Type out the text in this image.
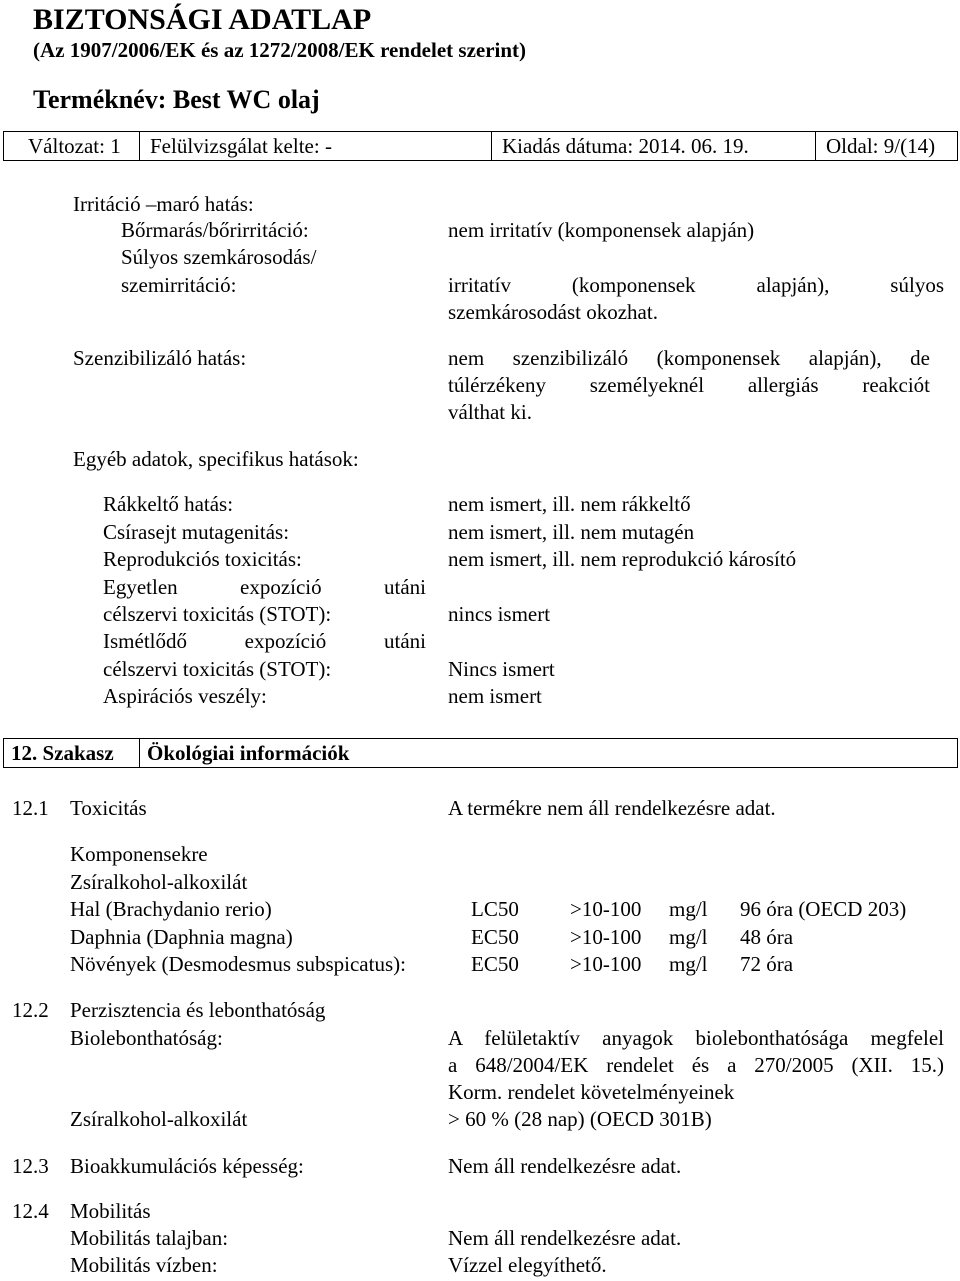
BIZTONSÁGI ADATLAP
(Az 1907/2006/EK és az 1272/2008/EK rendelet szerint)
Terméknév: Best WC olaj
Változat: 1	Felülvizsgálat kelte: -	Kiadás dátuma: 2014. 06. 19.	Oldal: 9/(14)
Irritáció –maró hatás:
Bőrmarás/bőrirritáció:	nem irritatív (komponensek alapján)
Súlyos szemkárosodás/
szemirritáció:	irritatív (komponensek alapján), súlyos
szemkárosodást okozhat.
Szenzibilizáló hatás:	nem szenzibilizáló (komponensek alapján), de
túlérzékeny személyeknél allergiás reakciót
válthat ki.
Egyéb adatok, specifikus hatások:
Rákkeltő hatás:	nem ismert, ill. nem rákkeltő
Csírasejt mutagenitás:	nem ismert, ill. nem mutagén
Reprodukciós toxicitás:	nem ismert, ill. nem reprodukció károsító
Egyetlen expozíció utáni
célszervi toxicitás (STOT):	nincs ismert
Ismétlődő expozíció utáni
célszervi toxicitás (STOT):	Nincs ismert
Aspirációs veszély:	nem ismert
12. Szakasz	Ökológiai információk
12.1 Toxicitás	A termékre nem áll rendelkezésre adat.
Komponensekre
Zsíralkohol-alkoxilát
Hal (Brachydanio rerio)	LC50 >10-100 mg/l 96 óra (OECD 203)
Daphnia (Daphnia magna)	EC50 >10-100 mg/l 48 óra
Növények (Desmodesmus subspicatus):	EC50 >10-100 mg/l 72 óra
12.2 Perzisztencia és lebonthatóság
Biolebonthatóság:	A felületaktív anyagok biolebonthatósága megfelel
a 648/2004/EK rendelet és a 270/2005 (XII. 15.)
Korm. rendelet követelményeinek
Zsíralkohol-alkoxilát	> 60 % (28 nap) (OECD 301B)
12.3 Bioakkumulációs képesség:	Nem áll rendelkezésre adat.
12.4 Mobilitás
Mobilitás talajban:	Nem áll rendelkezésre adat.
Mobilitás vízben:	Vízzel elegyíthető.
